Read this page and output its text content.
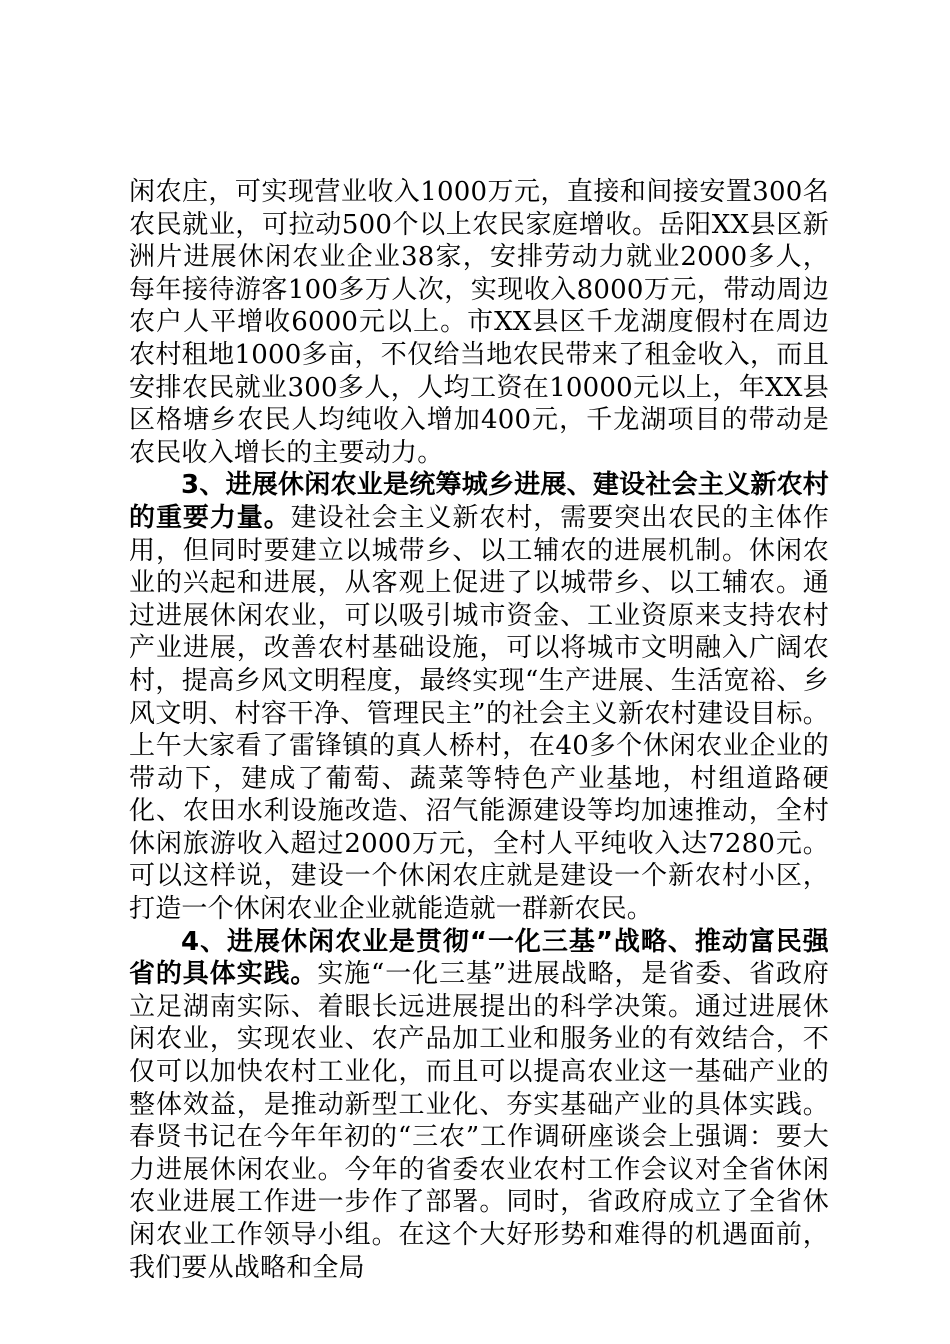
闲农庄，可实现营业收入1000万元，直接和间接安置300名农民就业，可拉动500个以上农民家庭增收。岳阳XX县区新洲片进展休闲农业企业38家，安排劳动力就业2000多人，每年接待游客100多万人次，实现收入8000万元，带动周边农户人平增收6000元以上。市XX县区千龙湖度假村在周边农村租地1000多亩，不仅给当地农民带来了租金收入，而且安排农民就业300多人，人均工资在10000元以上，年XX县区格塘乡农民人均纯收入增加400元，千龙湖项目的带动是农民收入增长的主要动力。

3、进展休闲农业是统筹城乡进展、建设社会主义新农村的重要力量。建设社会主义新农村，需要突出农民的主体作用，但同时要建立以城带乡、以工辅农的进展机制。休闲农业的兴起和进展，从客观上促进了以城带乡、以工辅农。通过进展休闲农业，可以吸引城市资金、工业资原来支持农村产业进展，改善农村基础设施，可以将城市文明融入广阔农村，提高乡风文明程度，最终实现“生产进展、生活宽裕、乡风文明、村容干净、管理民主”的社会主义新农村建设目标。上午大家看了雷锋镇的真人桥村，在40多个休闲农业企业的带动下，建成了葡萄、蔬菜等特色产业基地，村组道路硬化、农田水利设施改造、沼气能源建设等均加速推动，全村休闲旅游收入超过2000万元，全村人平纯收入达7280元。可以这样说，建设一个休闲农庄就是建设一个新农村小区，打造一个休闲农业企业就能造就一群新农民。

4、进展休闲农业是贯彻“一化三基”战略、推动富民强省的具体实践。实施“一化三基”进展战略，是省委、省政府立足湖南实际、着眼长远进展提出的科学决策。通过进展休闲农业，实现农业、农产品加工业和服务业的有效结合，不仅可以加快农村工业化，而且可以提高农业这一基础产业的整体效益，是推动新型工业化、夯实基础产业的具体实践。春贤书记在今年年初的“三农”工作调研座谈会上强调：要大力进展休闲农业。今年的省委农业农村工作会议对全省休闲农业进展工作进一步作了部署。同时，省政府成立了全省休闲农业工作领导小组。在这个大好形势和难得的机遇面前，我们要从战略和全局
